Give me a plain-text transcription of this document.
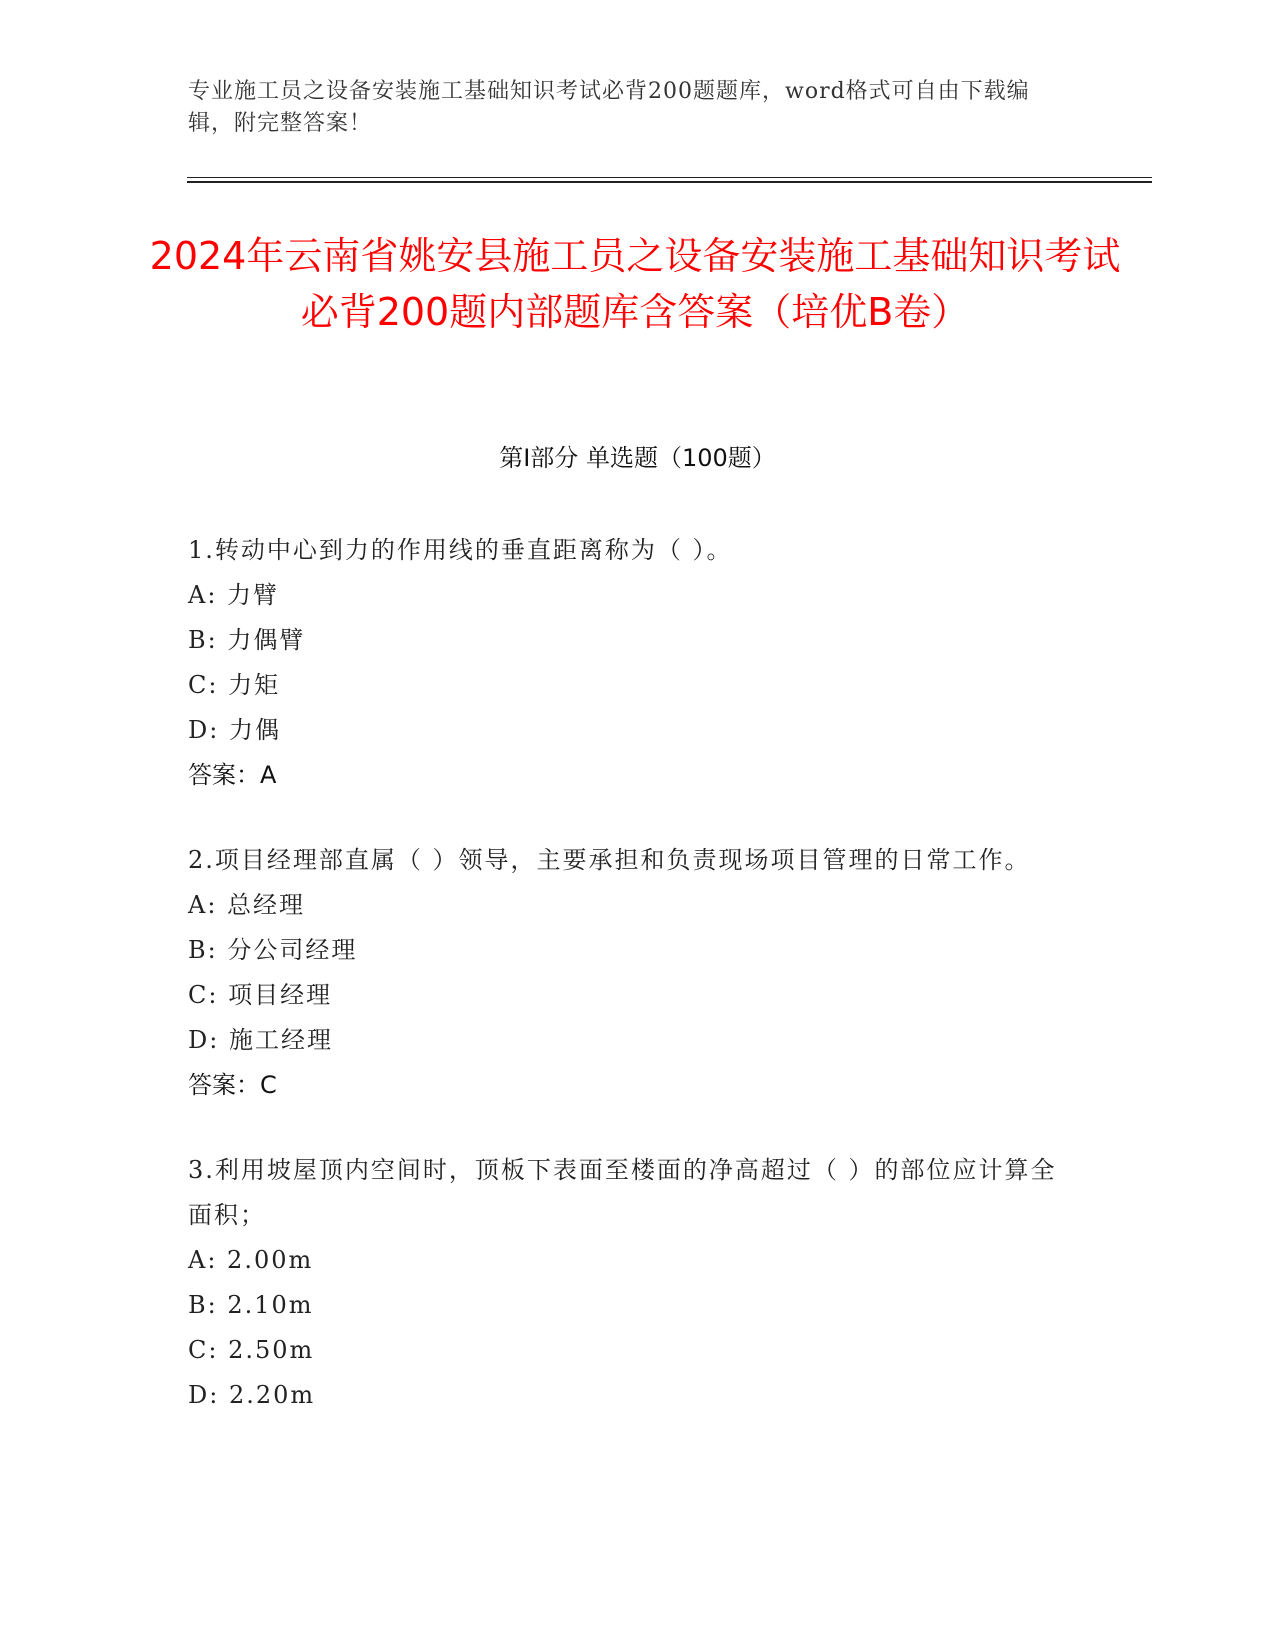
专业施工员之设备安装施工基础知识考试必背200题题库，word格式可自由下载编辑，附完整答案！
2024年云南省姚安县施工员之设备安装施工基础知识考试必背200题内部题库含答案（培优B卷）
第I部分 单选题（100题）
1.转动中心到力的作用线的垂直距离称为（ ）。
A: 力臂
B: 力偶臂
C: 力矩
D: 力偶
答案：A
2.项目经理部直属（ ）领导，主要承担和负责现场项目管理的日常工作。
A: 总经理
B: 分公司经理
C: 项目经理
D: 施工经理
答案：C
3.利用坡屋顶内空间时，顶板下表面至楼面的净高超过（ ）的部位应计算全面积；
A: 2.00m
B: 2.10m
C: 2.50m
D: 2.20m
